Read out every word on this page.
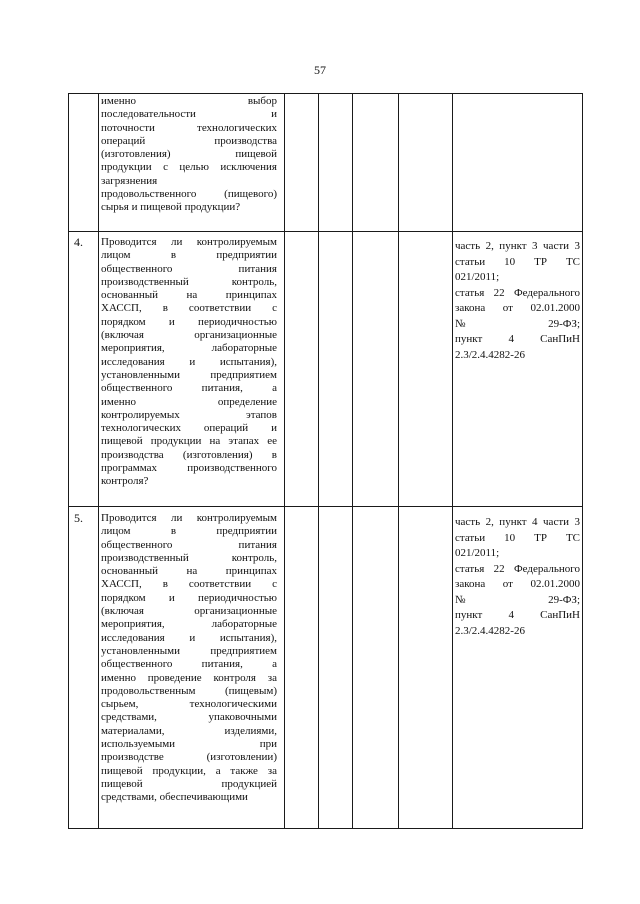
57
именно выбор
последовательности и
поточности технологических
операций производства
(изготовления) пищевой
продукции с целью исключения
загрязнения
продовольственного (пищевого)
сырья и пищевой продукции?
4.	Проводится ли контролируемым
лицом в предприятии
общественного питания
производственный контроль,
основанный на принципах
ХАССП, в соответствии с
порядком и периодичностью
(включая организационные
мероприятия, лабораторные
исследования и испытания),
установленными предприятием
общественного питания, а
именно определение
контролируемых этапов
технологических операций и
пищевой продукции на этапах ее
производства (изготовления) в
программах производственного
контроля?
часть 2, пункт 3 части 3
статьи 10 ТР ТС
021/2011;
статья 22 Федерального
закона от 02.01.2000
№ 29-ФЗ;
пункт 4 СанПиН
2.3/2.4.4282-26
5.	Проводится ли контролируемым
лицом в предприятии
общественного питания
производственный контроль,
основанный на принципах
ХАССП, в соответствии с
порядком и периодичностью
(включая организационные
мероприятия, лабораторные
исследования и испытания),
установленными предприятием
общественного питания, а
именно проведение контроля за
продовольственным (пищевым)
сырьем, технологическими
средствами, упаковочными
материалами, изделиями,
используемыми при
производстве (изготовлении)
пищевой продукции, а также за
пищевой продукцией
средствами, обеспечивающими
часть 2, пункт 4 части 3
статьи 10 ТР ТС
021/2011;
статья 22 Федерального
закона от 02.01.2000
№ 29-ФЗ;
пункт 4 СанПиН
2.3/2.4.4282-26
